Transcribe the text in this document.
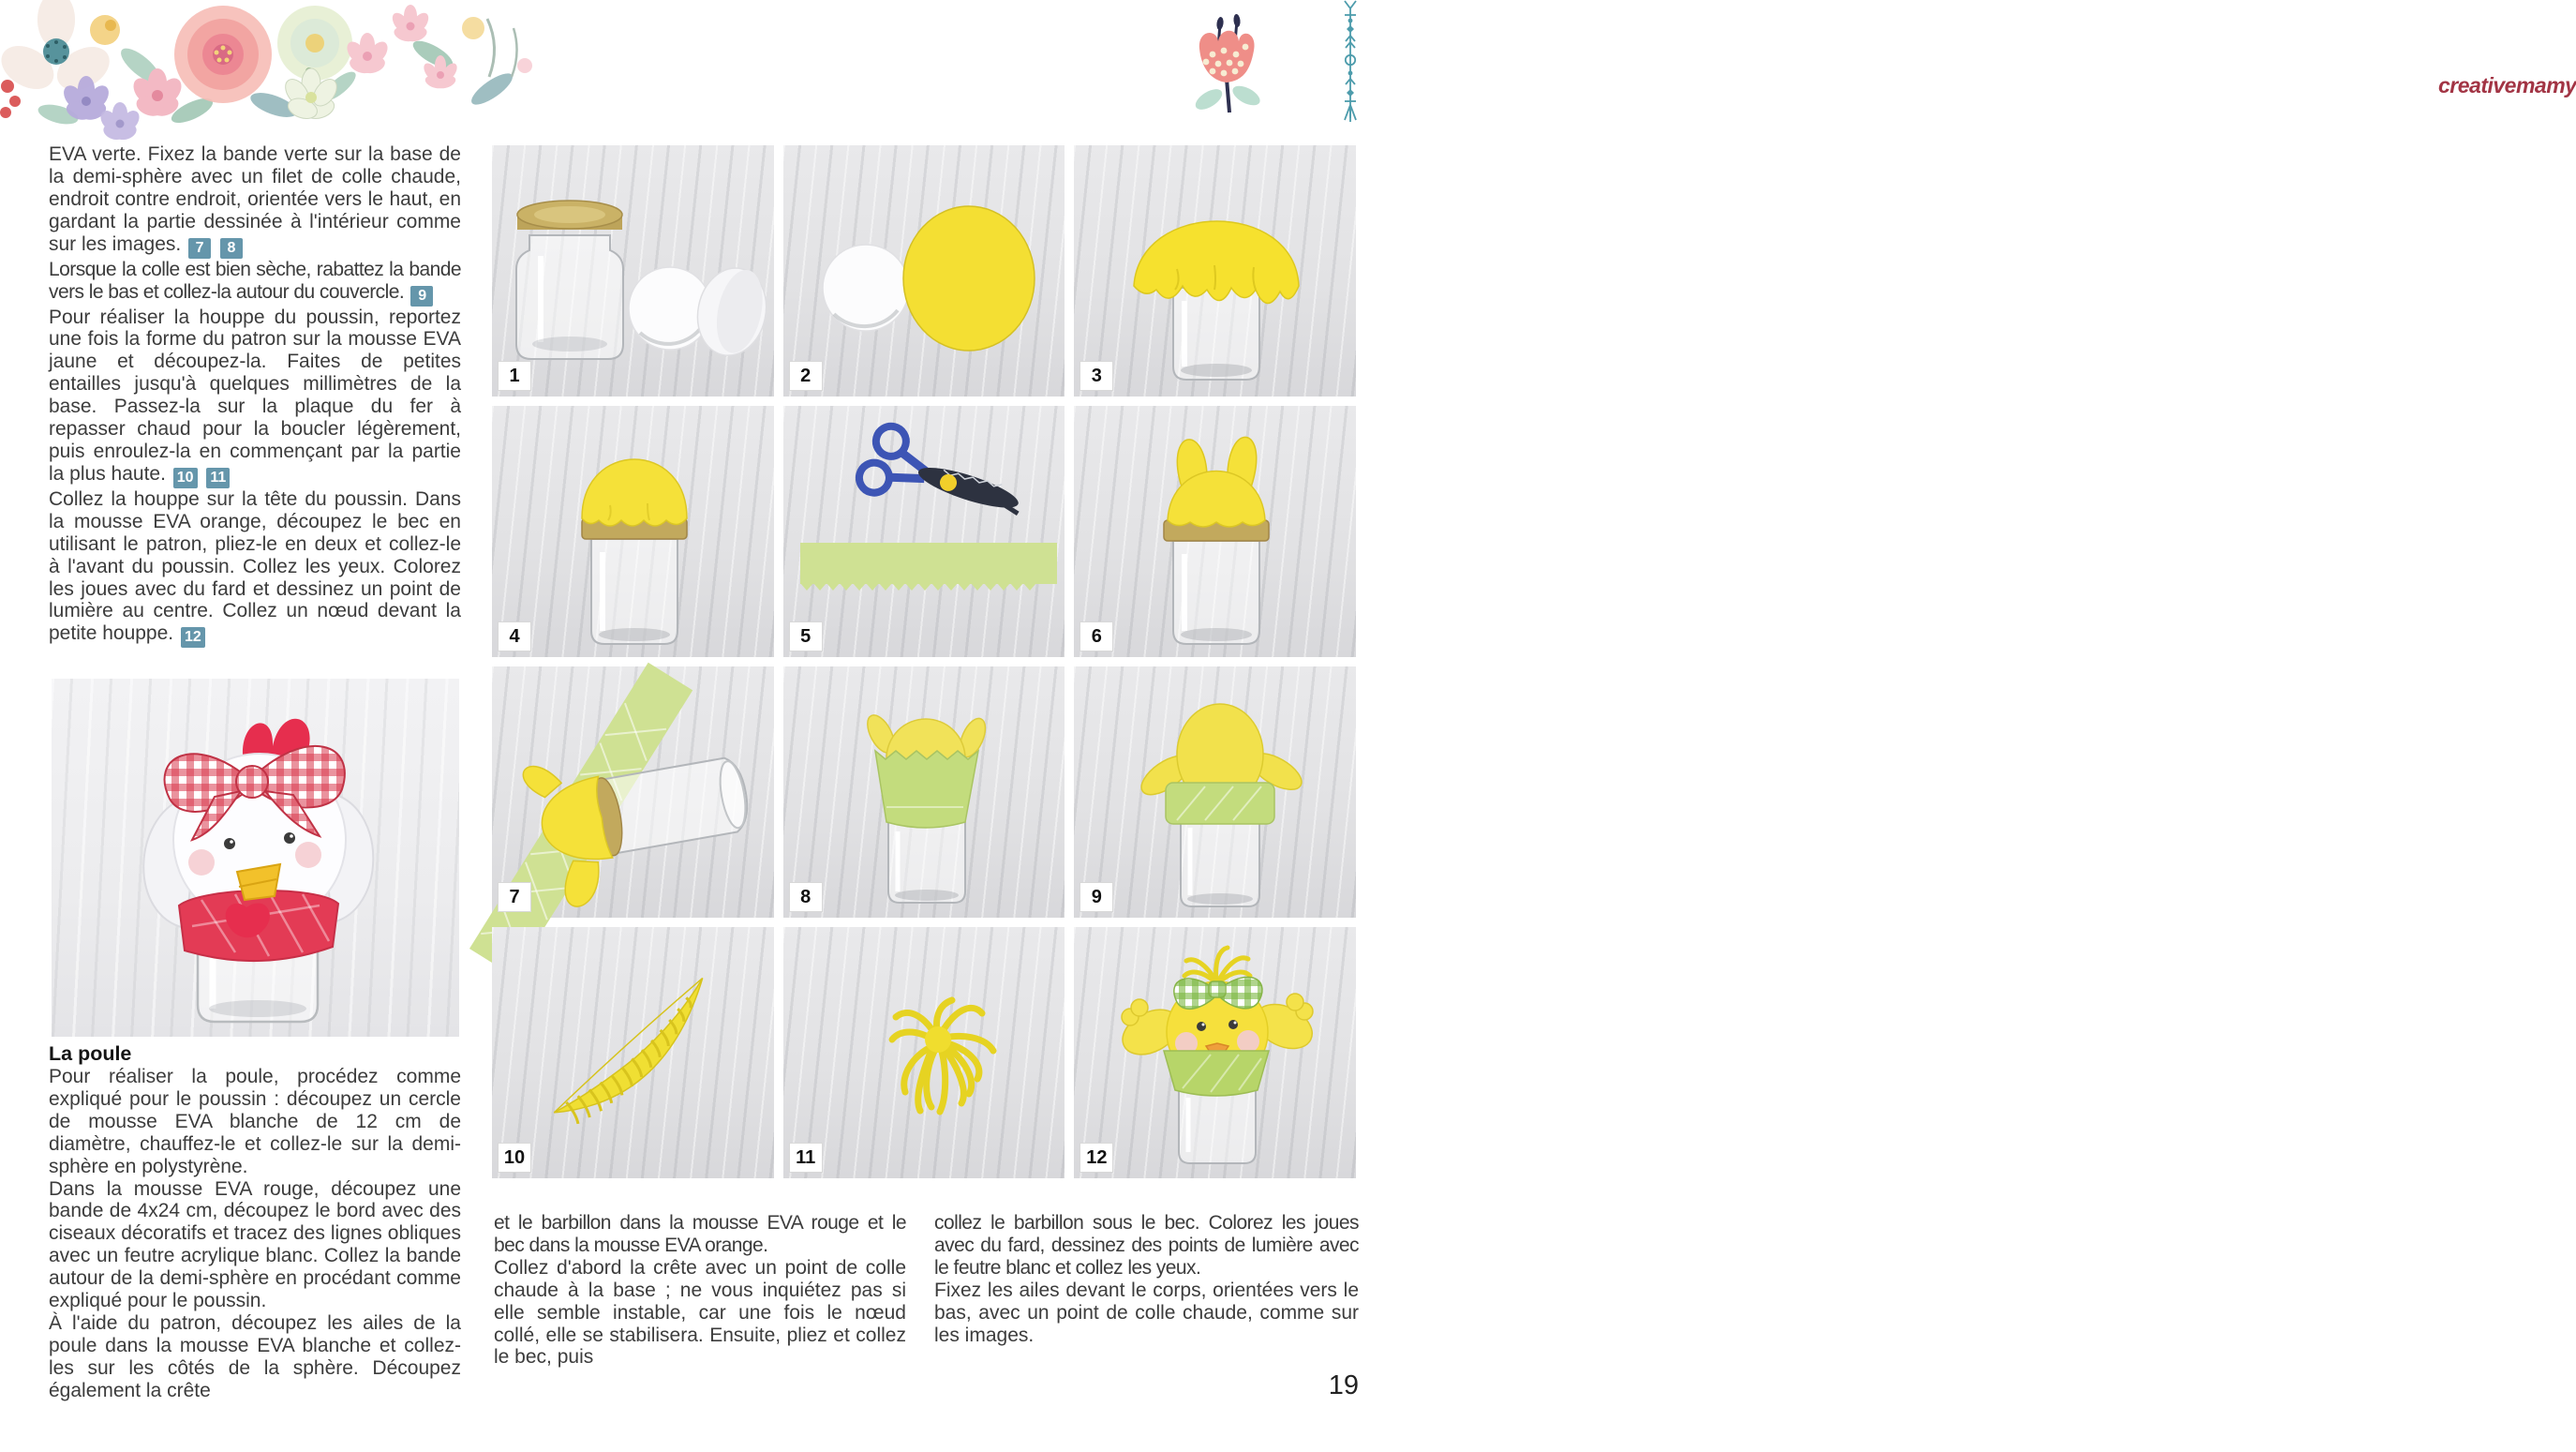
creativemamy

EVA verte. Fixez la bande verte sur la base de la demi-sphère avec un filet de colle chaude, endroit contre endroit, orientée vers le haut, en gardant la partie dessinée à l'intérieur comme sur les images. 7 8

Lorsque la colle est bien sèche, rabattez la bande vers le bas et collez-la autour du couvercle. 9

Pour réaliser la houppe du poussin, reportez une fois la forme du patron sur la mousse EVA jaune et découpez-la. Faites de petites entailles jusqu'à quelques millimètres de la base. Passez-la sur la plaque du fer à repasser chaud pour la boucler légèrement, puis enroulez-la en commençant par la partie la plus haute. 10 11

Collez la houppe sur la tête du poussin. Dans la mousse EVA orange, découpez le bec en utilisant le patron, pliez-le en deux et collez-le à l'avant du poussin. Collez les yeux. Colorez les joues avec du fard et dessinez un point de lumière au centre. Collez un nœud devant la petite houppe. 12

La poule

Pour réaliser la poule, procédez comme expliqué pour le poussin : découpez un cercle de mousse EVA blanche de 12 cm de diamètre, chauffez-le et collez-le sur la demi-sphère en polystyrène.

Dans la mousse EVA rouge, découpez une bande de 4x24 cm, découpez le bord avec des ciseaux décoratifs et tracez des lignes obliques avec un feutre acrylique blanc. Collez la bande autour de la demi-sphère en procédant comme expliqué pour le poussin.

À l'aide du patron, découpez les ailes de la poule dans la mousse EVA blanche et collez-les sur les côtés de la sphère. Découpez également la crête

1	2	3
4	5	6
7	8	9
10	11	12

et le barbillon dans la mousse EVA rouge et le bec dans la mousse EVA orange.

Collez d'abord la crête avec un point de colle chaude à la base ; ne vous inquiétez pas si elle semble instable, car une fois le nœud collé, elle se stabilisera. Ensuite, pliez et collez le bec, puis

collez le barbillon sous le bec. Colorez les joues avec du fard, dessinez des points de lumière avec le feutre blanc et collez les yeux.

Fixez les ailes devant le corps, orientées vers le bas, avec un point de colle chaude, comme sur les images.

19
